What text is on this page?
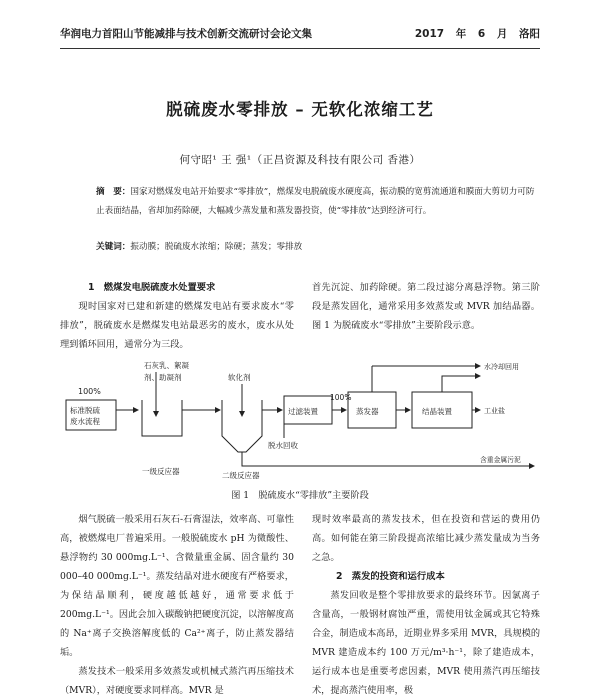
华润电力首阳山节能减排与技术创新交流研讨会论文集	2017 年 6 月 洛阳
脱硫废水零排放 – 无软化浓缩工艺
何守昭¹ 王 强¹（正昌资源及科技有限公司 香港）
摘　要：国家对燃煤发电站开始要求“零排放”，燃煤发电脱硫废水硬度高，振动膜的宽剪流通道和膜面大剪切力可防止表面结晶，省却加药除硬，大幅减少蒸发量和蒸发器投资，使“零排放”达到经济可行。
关键词：振动膜；脱硫废水浓缩；除硬；蒸发；零排放
1　燃煤发电脱硫废水处置要求

现时国家对已建和新建的燃煤发电站有要求废水“零排放”，脱硫废水是燃煤发电站最恶劣的废水，废水从处理到循环回用，通常分为三段。

首先沉淀、加药除硬。第二段过滤分离悬浮物。第三阶段是蒸发固化，通常采用多效蒸发或 MVR 加结晶器。图 1 为脱硫废水“零排放”主要阶段示意。

100%
标准脱硫
废水流程
石灰乳、絮凝
剂、助凝剂	软化剂
一级反应器	二级反应器
脱水回收
过滤装置
100%
蒸发器	结晶装置
水冷却回用
工业盐
含重金属污泥
图 1　脱硫废水“零排放”主要阶段

烟气脱硫一般采用石灰石-石膏湿法，效率高、可靠性高，被燃煤电厂普遍采用。一般脱硫废水 pH 为微酸性、悬浮物约 30 000mg.L⁻¹、含微量重金属、固含量约 30 000–40 000mg.L⁻¹。蒸发结晶对进水硬度有严格要求，为保结晶顺利，硬度越低越好，通常要求低于 200mg.L⁻¹。因此会加入碳酸钠把硬度沉淀，以溶解度高的 Na⁺离子交换溶解度低的 Ca²⁺离子，防止蒸发器结垢。

蒸发技术一般采用多效蒸发或机械式蒸汽再压缩技术（MVR），对硬度要求同样高。MVR 是

现时效率最高的蒸发技术，但在投资和营运的费用仍高。如何能在第三阶段提高浓缩比减少蒸发量成为当务之急。

2　蒸发的投资和运行成本

蒸发回收是整个零排放要求的最终环节。因氯离子含量高，一般钢材腐蚀严重，需使用钛金属或其它特殊合金，制造成本高昂，近期业界多采用 MVR，具规模的 MVR 建造成本约 100 万元/m³·h⁻¹，除了建造成本，运行成本也是重要考虑因素，MVR 使用蒸汽再压缩技术，提高蒸汽使用率，极
